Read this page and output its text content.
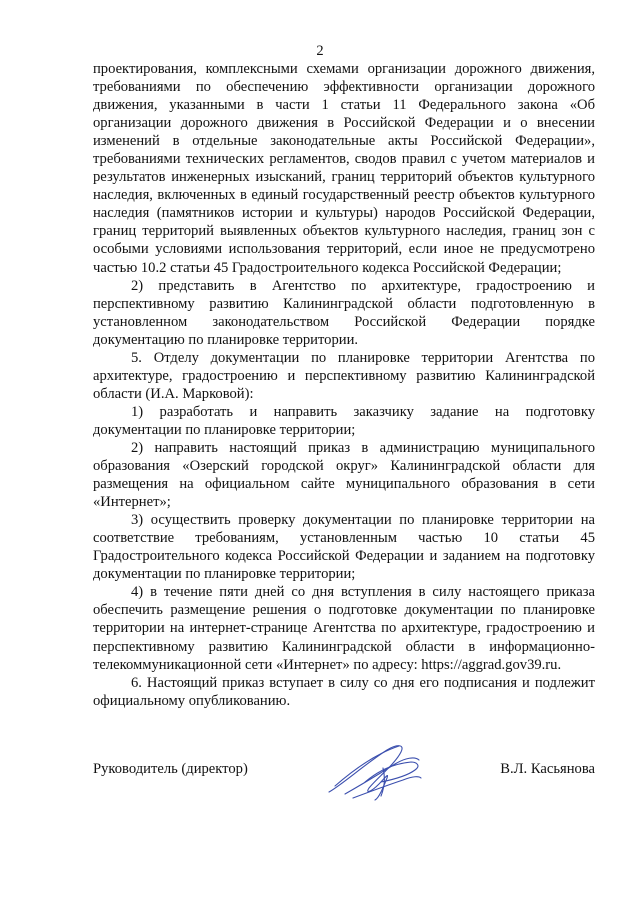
2

проектирования, комплексными схемами организации дорожного движения, требованиями по обеспечению эффективности организации дорожного движения, указанными в части 1 статьи 11 Федерального закона «Об организации дорожного движения в Российской Федерации и о внесении изменений в отдельные законодательные акты Российской Федерации», требованиями технических регламентов, сводов правил с учетом материалов и результатов инженерных изысканий, границ территорий объектов культурного наследия, включенных в единый государственный реестр объектов культурного наследия (памятников истории и культуры) народов Российской Федерации, границ территорий выявленных объектов культурного наследия, границ зон с особыми условиями использования территорий, если иное не предусмотрено частью 10.2 статьи 45 Градостроительного кодекса Российской Федерации;

2) представить в Агентство по архитектуре, градостроению и перспективному развитию Калининградской области подготовленную в установленном законодательством Российской Федерации порядке документацию по планировке территории.

5. Отделу документации по планировке территории Агентства по архитектуре, градостроению и перспективному развитию Калининградской области (И.А. Марковой):

1) разработать и направить заказчику задание на подготовку документации по планировке территории;

2) направить настоящий приказ в администрацию муниципального образования «Озерский городской округ» Калининградской области для размещения на официальном сайте муниципального образования в сети «Интернет»;

3) осуществить проверку документации по планировке территории на соответствие требованиям, установленным частью 10 статьи 45 Градостроительного кодекса Российской Федерации и заданием на подготовку документации по планировке территории;

4) в течение пяти дней со дня вступления в силу настоящего приказа обеспечить размещение решения о подготовке документации по планировке территории на интернет-странице Агентства по архитектуре, градостроению и перспективному развитию Калининградской области в информационно-телекоммуникационной сети «Интернет» по адресу: https://aggrad.gov39.ru.

6. Настоящий приказ вступает в силу со дня его подписания и подлежит официальному опубликованию.

Руководитель (директор)	В.Л. Касьянова
